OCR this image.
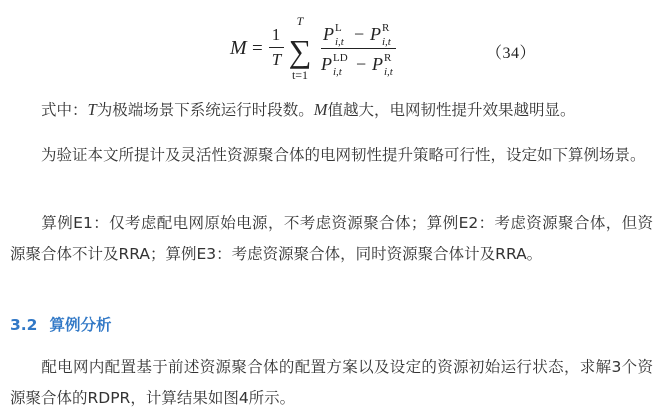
M =
1
T
T
∑
t=1
P L
i,t − P R
i,t
P LD
i,t − P R
i,t
（34）

式中：T为极端场景下系统运行时段数。M值越大，电网韧性提升效果越明显。

为验证本文所提计及灵活性资源聚合体的电网韧性提升策略可行性，设定如下算例场景。

算例E1：仅考虑配电网原始电源，不考虑资源聚合体；算例E2：考虑资源聚合体，但资源聚合体不计及RRA；算例E3：考虑资源聚合体，同时资源聚合体计及RRA。

3.2 算例分析

配电网内配置基于前述资源聚合体的配置方案以及设定的资源初始运行状态，求解3个资源聚合体的RDPR，计算结果如图4所示。
